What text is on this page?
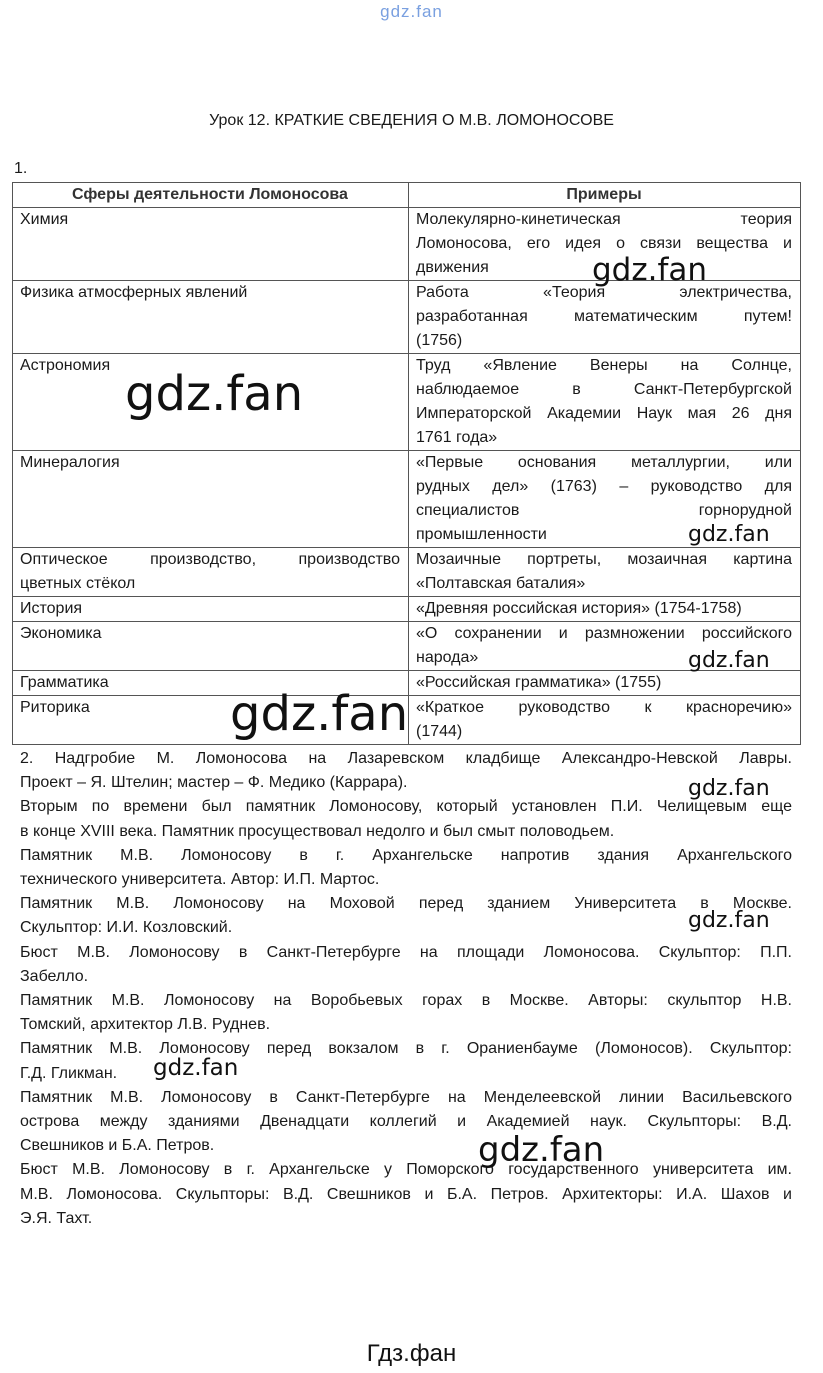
gdz.fan
Урок 12. КРАТКИЕ СВЕДЕНИЯ О М.В. ЛОМОНОСОВЕ
1.
Сферы деятельности Ломоносова	Примеры

Химия	Молекулярно-кинетическая теория
Ломоносова, его идея о связи вещества и
движения

Физика атмосферных явлений	Работа «Теория электричества,
разработанная математическим путем!
(1756)

Астрономия	Труд «Явление Венеры на Солнце,
наблюдаемое в Санкт-Петербургской
Императорской Академии Наук мая 26 дня
1761 года»

Минералогия	«Первые основания металлургии, или
рудных дел» (1763) – руководство для
специалистов горнорудной
промышленности

Оптическое производство, производство
цветных стёкол	Мозаичные портреты, мозаичная картина
«Полтавская баталия»

История	«Древняя российская история» (1754-1758)

Экономика	«О сохранении и размножении российского
народа»

Грамматика	«Российская грамматика» (1755)

Риторика	«Краткое руководство к красноречию»
(1744)

2. Надгробие М. Ломоносова на Лазаревском кладбище Александро-Невской Лавры.
Проект – Я. Штелин; мастер – Ф. Медико (Каррара).

Вторым по времени был памятник Ломоносову, который установлен П.И. Челищевым еще
в конце XVIII века. Памятник просуществовал недолго и был смыт половодьем.

Памятник М.В. Ломоносову в г. Архангельске напротив здания Архангельского
технического университета. Автор: И.П. Мартос.

Памятник М.В. Ломоносову на Моховой перед зданием Университета в Москве.
Скульптор: И.И. Козловский.

Бюст М.В. Ломоносову в Санкт-Петербурге на площади Ломоносова. Скульптор: П.П.
Забелло.

Памятник М.В. Ломоносову на Воробьевых горах в Москве. Авторы: скульптор Н.В.
Томский, архитектор Л.В. Руднев.

Памятник М.В. Ломоносову перед вокзалом в г. Ораниенбауме (Ломоносов). Скульптор:
Г.Д. Гликман.

Памятник М.В. Ломоносову в Санкт-Петербурге на Менделеевской линии Васильевского
острова между зданиями Двенадцати коллегий и Академией наук. Скульпторы: В.Д.
Свешников и Б.А. Петров.

Бюст М.В. Ломоносову в г. Архангельске у Поморского государственного университета им.
М.В. Ломоносова. Скульпторы: В.Д. Свешников и Б.А. Петров. Архитекторы: И.А. Шахов и
Э.Я. Тахт.

gdz.fan
gdz.fan
gdz.fan
gdz.fan
gdz.fan
gdz.fan
gdz.fan
gdz.fan
gdz.fan
Гдз.фан
